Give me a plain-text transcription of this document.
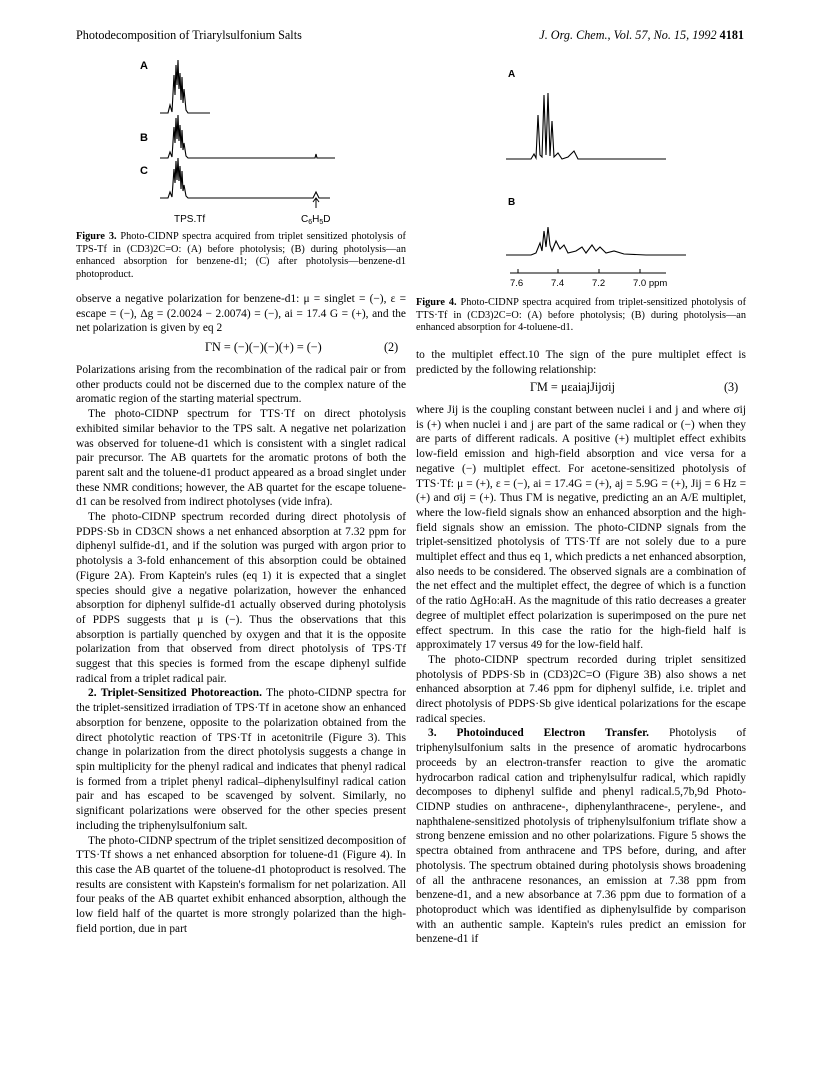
Photodecomposition of Triarylsulfonium Salts	J. Org. Chem., Vol. 57, No. 15, 1992 4181
A
B
C
TPS.Tf	$C_6H_5D$
Figure 3. Photo-CIDNP spectra acquired from triplet sensitized photolysis of TPS-Tf in (CD3)2C=O: (A) before photolysis; (B) during photolysis—an enhanced absorption for benzene-d1; (C) after photolysis—benzene-d1 photoproduct.
A
B
7.6	7.4	7.2	7.0 ppm
Figure 4. Photo-CIDNP spectra acquired from triplet-sensitized photolysis of TTS·Tf in (CD3)2C=O: (A) before photolysis; (B) during photolysis—an enhanced absorption for 4-toluene-d1.

observe a negative polarization for benzene-d1: μ = singlet = (−), ε = escape = (−), Δg = (2.0024 − 2.0074) = (−), ai = 17.4 G = (+), and the net polarization is given by eq 2

ΓN = (−)(−)(−)(+) = (−)	(2)

Polarizations arising from the recombination of the radical pair or from other products could not be discerned due to the complex nature of the aromatic region of the starting material spectrum.

The photo-CIDNP spectrum for TTS·Tf on direct photolysis exhibited similar behavior to the TPS salt. A negative net polarization was observed for toluene-d1 which is consistent with a singlet radical pair precursor. The AB quartets for the aromatic protons of both the parent salt and the toluene-d1 product appeared as a broad singlet under these NMR conditions; however, the AB quartet for the escape toluene-d1 can be resolved from indirect photolyses (vide infra).

The photo-CIDNP spectrum recorded during direct photolysis of PDPS·Sb in CD3CN shows a net enhanced absorption at 7.32 ppm for diphenyl sulfide-d1, and if the solution was purged with argon prior to photolysis a 3-fold enhancement of this absorption could be obtained (Figure 2A). From Kaptein's rules (eq 1) it is expected that a singlet species should give a negative polarization, however the enhanced absorption for diphenyl sulfide-d1 actually observed during photolysis of PDPS suggests that μ is (−). Thus the observations that this absorption is partially quenched by oxygen and that it is the opposite polarization from that observed from direct photolysis of TPS·Tf suggest that this species is formed from the escape diphenyl sulfide radical from a triplet radical pair.

2. Triplet-Sensitized Photoreaction. The photo-CIDNP spectra for the triplet-sensitized irradiation of TPS·Tf in acetone show an enhanced absorption for benzene, opposite to the polarization obtained from the direct photolytic reaction of TPS·Tf in acetonitrile (Figure 3). This change in polarization from the direct photolysis suggests a change in spin multiplicity for the phenyl radical and indicates that phenyl radical is formed from a triplet phenyl radical–diphenylsulfinyl radical cation pair and has escaped to be scavenged by solvent. Similarly, no significant polarizations were observed for the other species present including the triphenylsulfonium salt.

The photo-CIDNP spectrum of the triplet sensitized decomposition of TTS·Tf shows a net enhanced absorption for toluene-d1 (Figure 4). In this case the AB quartet of the toluene-d1 photoproduct is resolved. The results are consistent with Kapstein's formalism for net polarization. All four peaks of the AB quartet exhibit enhanced absorption, although the low field half of the quartet is more strongly polarized than the high-field portion, due in part

to the multiplet effect.10 The sign of the pure multiplet effect is predicted by the following relationship:

ΓM = μεaiajJijσij	(3)

where Jij is the coupling constant between nuclei i and j and where σij is (+) when nuclei i and j are part of the same radical or (−) when they are parts of different radicals. A positive (+) multiplet effect exhibits low-field emission and high-field absorption and vice versa for a negative (−) multiplet effect. For acetone-sensitized photolysis of TTS·Tf: μ = (+), ε = (−), ai = 17.4G = (+), aj = 5.9G = (+), Jij = 6 Hz = (+) and σij = (+). Thus ΓM is negative, predicting an an A/E multiplet, where the low-field signals show an enhanced absorption and the high-field signals show an emission. The photo-CIDNP signals from the triplet-sensitized photolysis of TTS·Tf are not solely due to a pure multiplet effect and thus eq 1, which predicts a net enhanced absorption, also needs to be considered. The observed signals are a combination of the net effect and the multiplet effect, the degree of which is a function of the ratio ΔgHo:aH. As the magnitude of this ratio decreases a greater degree of multiplet effect polarization is superimposed on the pure net effect spectrum. In this case the ratio for the high-field half is approximately 17 versus 49 for the low-field half.

The photo-CIDNP spectrum recorded during triplet sensitized photolysis of PDPS·Sb in (CD3)2C=O (Figure 3B) also shows a net enhanced absorption at 7.46 ppm for diphenyl sulfide, i.e. triplet and direct photolysis of PDPS·Sb give identical polarizations for the escape radical species.

3. Photoinduced Electron Transfer. Photolysis of triphenylsulfonium salts in the presence of aromatic hydrocarbons proceeds by an electron-transfer reaction to give the aromatic hydrocarbon radical cation and triphenylsulfur radical, which rapidly decomposes to diphenyl sulfide and phenyl radical.5,7b,9d Photo-CIDNP studies on anthracene-, diphenylanthracene-, perylene-, and naphthalene-sensitized photolysis of triphenylsulfonium triflate show a strong benzene emission and no other polarizations. Figure 5 shows the spectra obtained from anthracene and TPS before, during, and after photolysis. The spectrum obtained during photolysis shows broadening of all the anthracene resonances, an emission at 7.38 ppm from benzene-d1, and a new absorbance at 7.36 ppm due to formation of a photoproduct which was identified as diphenylsulfide by comparison with an authentic sample. Kaptein's rules predict an emission for benzene-d1 if
